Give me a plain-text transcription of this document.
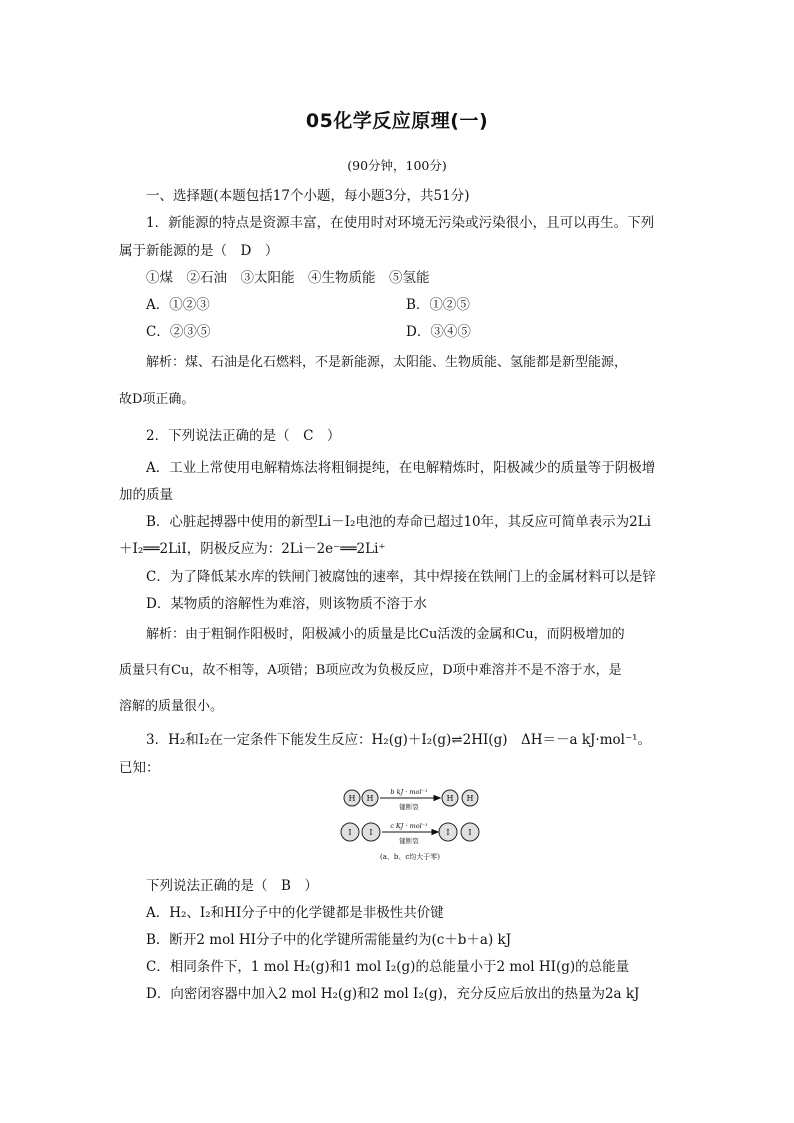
05化学反应原理(一)
(90分钟，100分)
一、选择题(本题包括17个小题，每小题3分，共51分)
1．新能源的特点是资源丰富，在使用时对环境无污染或污染很小，且可以再生。下列
属于新能源的是（　D　）
①煤　②石油　③太阳能　④生物质能　⑤氢能
A．①②③	B．①②⑤
C．②③⑤	D．③④⑤
解析：煤、石油是化石燃料，不是新能源，太阳能、生物质能、氢能都是新型能源，
故D项正确。
2．下列说法正确的是（　C　）
A．工业上常使用电解精炼法将粗铜提纯，在电解精炼时，阳极减少的质量等于阴极增
加的质量
B．心脏起搏器中使用的新型Li－I₂电池的寿命已超过10年，其反应可简单表示为2Li
＋I₂══2LiI，阴极反应为：2Li－2e⁻══2Li⁺
C．为了降低某水库的铁闸门被腐蚀的速率，其中焊接在铁闸门上的金属材料可以是锌
D．某物质的溶解性为难溶，则该物质不溶于水
解析：由于粗铜作阳极时，阳极减小的质量是比Cu活泼的金属和Cu，而阴极增加的
质量只有Cu，故不相等，A项错；B项应改为负极反应，D项中难溶并不是不溶于水，是
溶解的质量很小。
3．H₂和I₂在一定条件下能发生反应：H₂(g)＋I₂(g)⇌2HI(g)　ΔH＝－a kJ·mol⁻¹。
已知：
H H	H H
I I	I I
b kJ · mol⁻¹
键断裂
c KJ · mol⁻¹
键断裂
(a、b、c均大于零)
下列说法正确的是（　B　）
A．H₂、I₂和HI分子中的化学键都是非极性共价键
B．断开2 mol HI分子中的化学键所需能量约为(c＋b＋a) kJ
C．相同条件下，1 mol H₂(g)和1 mol I₂(g)的总能量小于2 mol HI(g)的总能量
D．向密闭容器中加入2 mol H₂(g)和2 mol I₂(g)，充分反应后放出的热量为2a kJ
